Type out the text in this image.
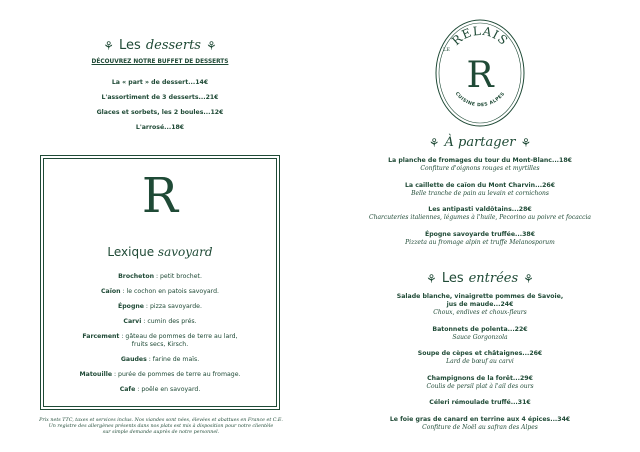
⚘ Les desserts ⚘
DÉCOUVREZ NOTRE BUFFET DE DESSERTS
La « part » de dessert...14€
L'assortiment de 3 desserts...21€
Glaces et sorbets, les 2 boules...12€
L'arrosé...18€
R
Lexique savoyard
Brocheton : petit brochet.
Caïon : le cochon en patois savoyard.
Épogne : pizza savoyarde.
Carvi : cumin des prés.
Farcement : gâteau de pommes de terre au lard, fruits secs, Kirsch.
Gaudes : farine de maïs.
Matouille : purée de pommes de terre au fromage.
Cafe : poêle en savoyard.
Prix nets TTC, taxes et services inclus. Nos viandes sont nées, élevées et abattues en France et C.E.
Un registre des allergènes présents dans nos plats est mis à disposition pour notre clientèle
sur simple demande auprès de notre personnel.
LE
RELAIS
R
CUISINE DES ALPES
⚘ À partager ⚘
La planche de fromages du tour du Mont-Blanc...18€
Confiture d'oignons rouges et myrtilles
La caillette de caïon du Mont Charvin...26€
Belle tranche de pain au levain et cornichons
Les antipasti valdôtains...28€
Charcuteries italiennes, légumes à l'huile, Pecorino au poivre et focaccia
Épogne savoyarde truffée...38€
Pizzeta au fromage alpin et truffe Melanosporum
⚘ Les entrées ⚘
Salade blanche, vinaigrette pommes de Savoie,
jus de maude...24€
Choux, endives et choux-fleurs
Batonnets de polenta...22€
Sauce Gorgonzola
Soupe de cèpes et châtaignes...26€
Lard de bœuf au carvi
Champignons de la forêt...29€
Coulis de persil plat à l'ail des ours
Céleri rémoulade truffé...31€
Le foie gras de canard en terrine aux 4 épices...34€
Confiture de Noël au safran des Alpes
